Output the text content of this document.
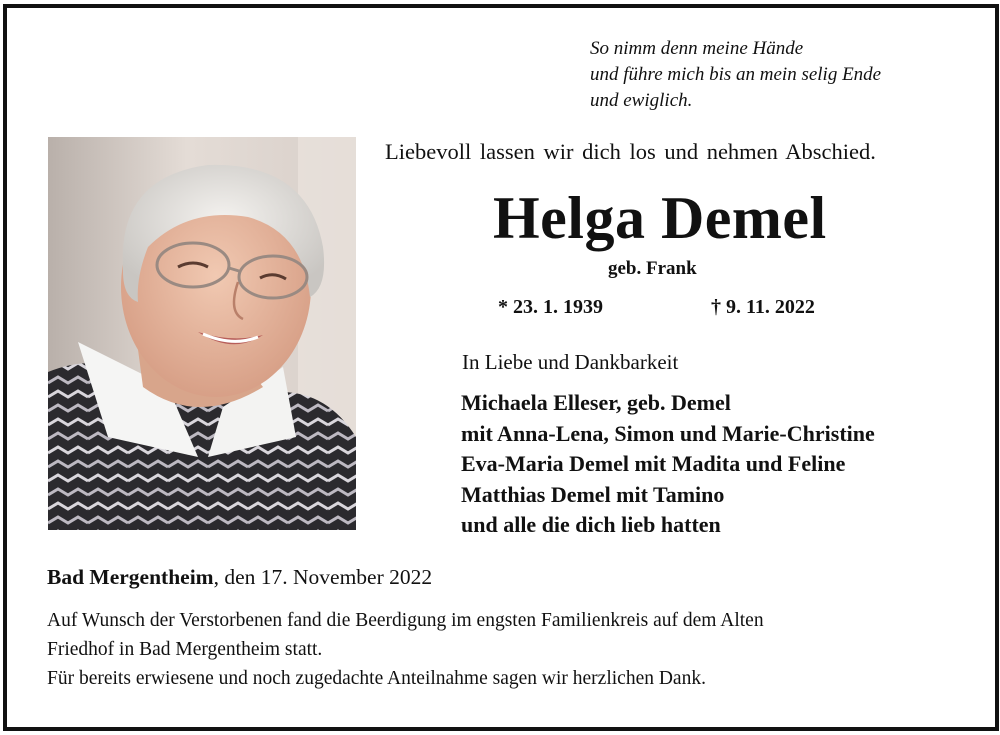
So nimm denn meine Hände
und führe mich bis an mein selig Ende
und ewiglich.
Liebevoll lassen wir dich los und nehmen Abschied.
Helga Demel
geb. Frank
* 23. 1. 1939	† 9. 11. 2022
In Liebe und Dankbarkeit
Michaela Elleser, geb. Demel
mit Anna-Lena, Simon und Marie-Christine
Eva-Maria Demel mit Madita und Feline
Matthias Demel mit Tamino
und alle die dich lieb hatten
Bad Mergentheim, den 17. November 2022
Auf Wunsch der Verstorbenen fand die Beerdigung im engsten Familienkreis auf dem Alten
Friedhof in Bad Mergentheim statt.
Für bereits erwiesene und noch zugedachte Anteilnahme sagen wir herzlichen Dank.
